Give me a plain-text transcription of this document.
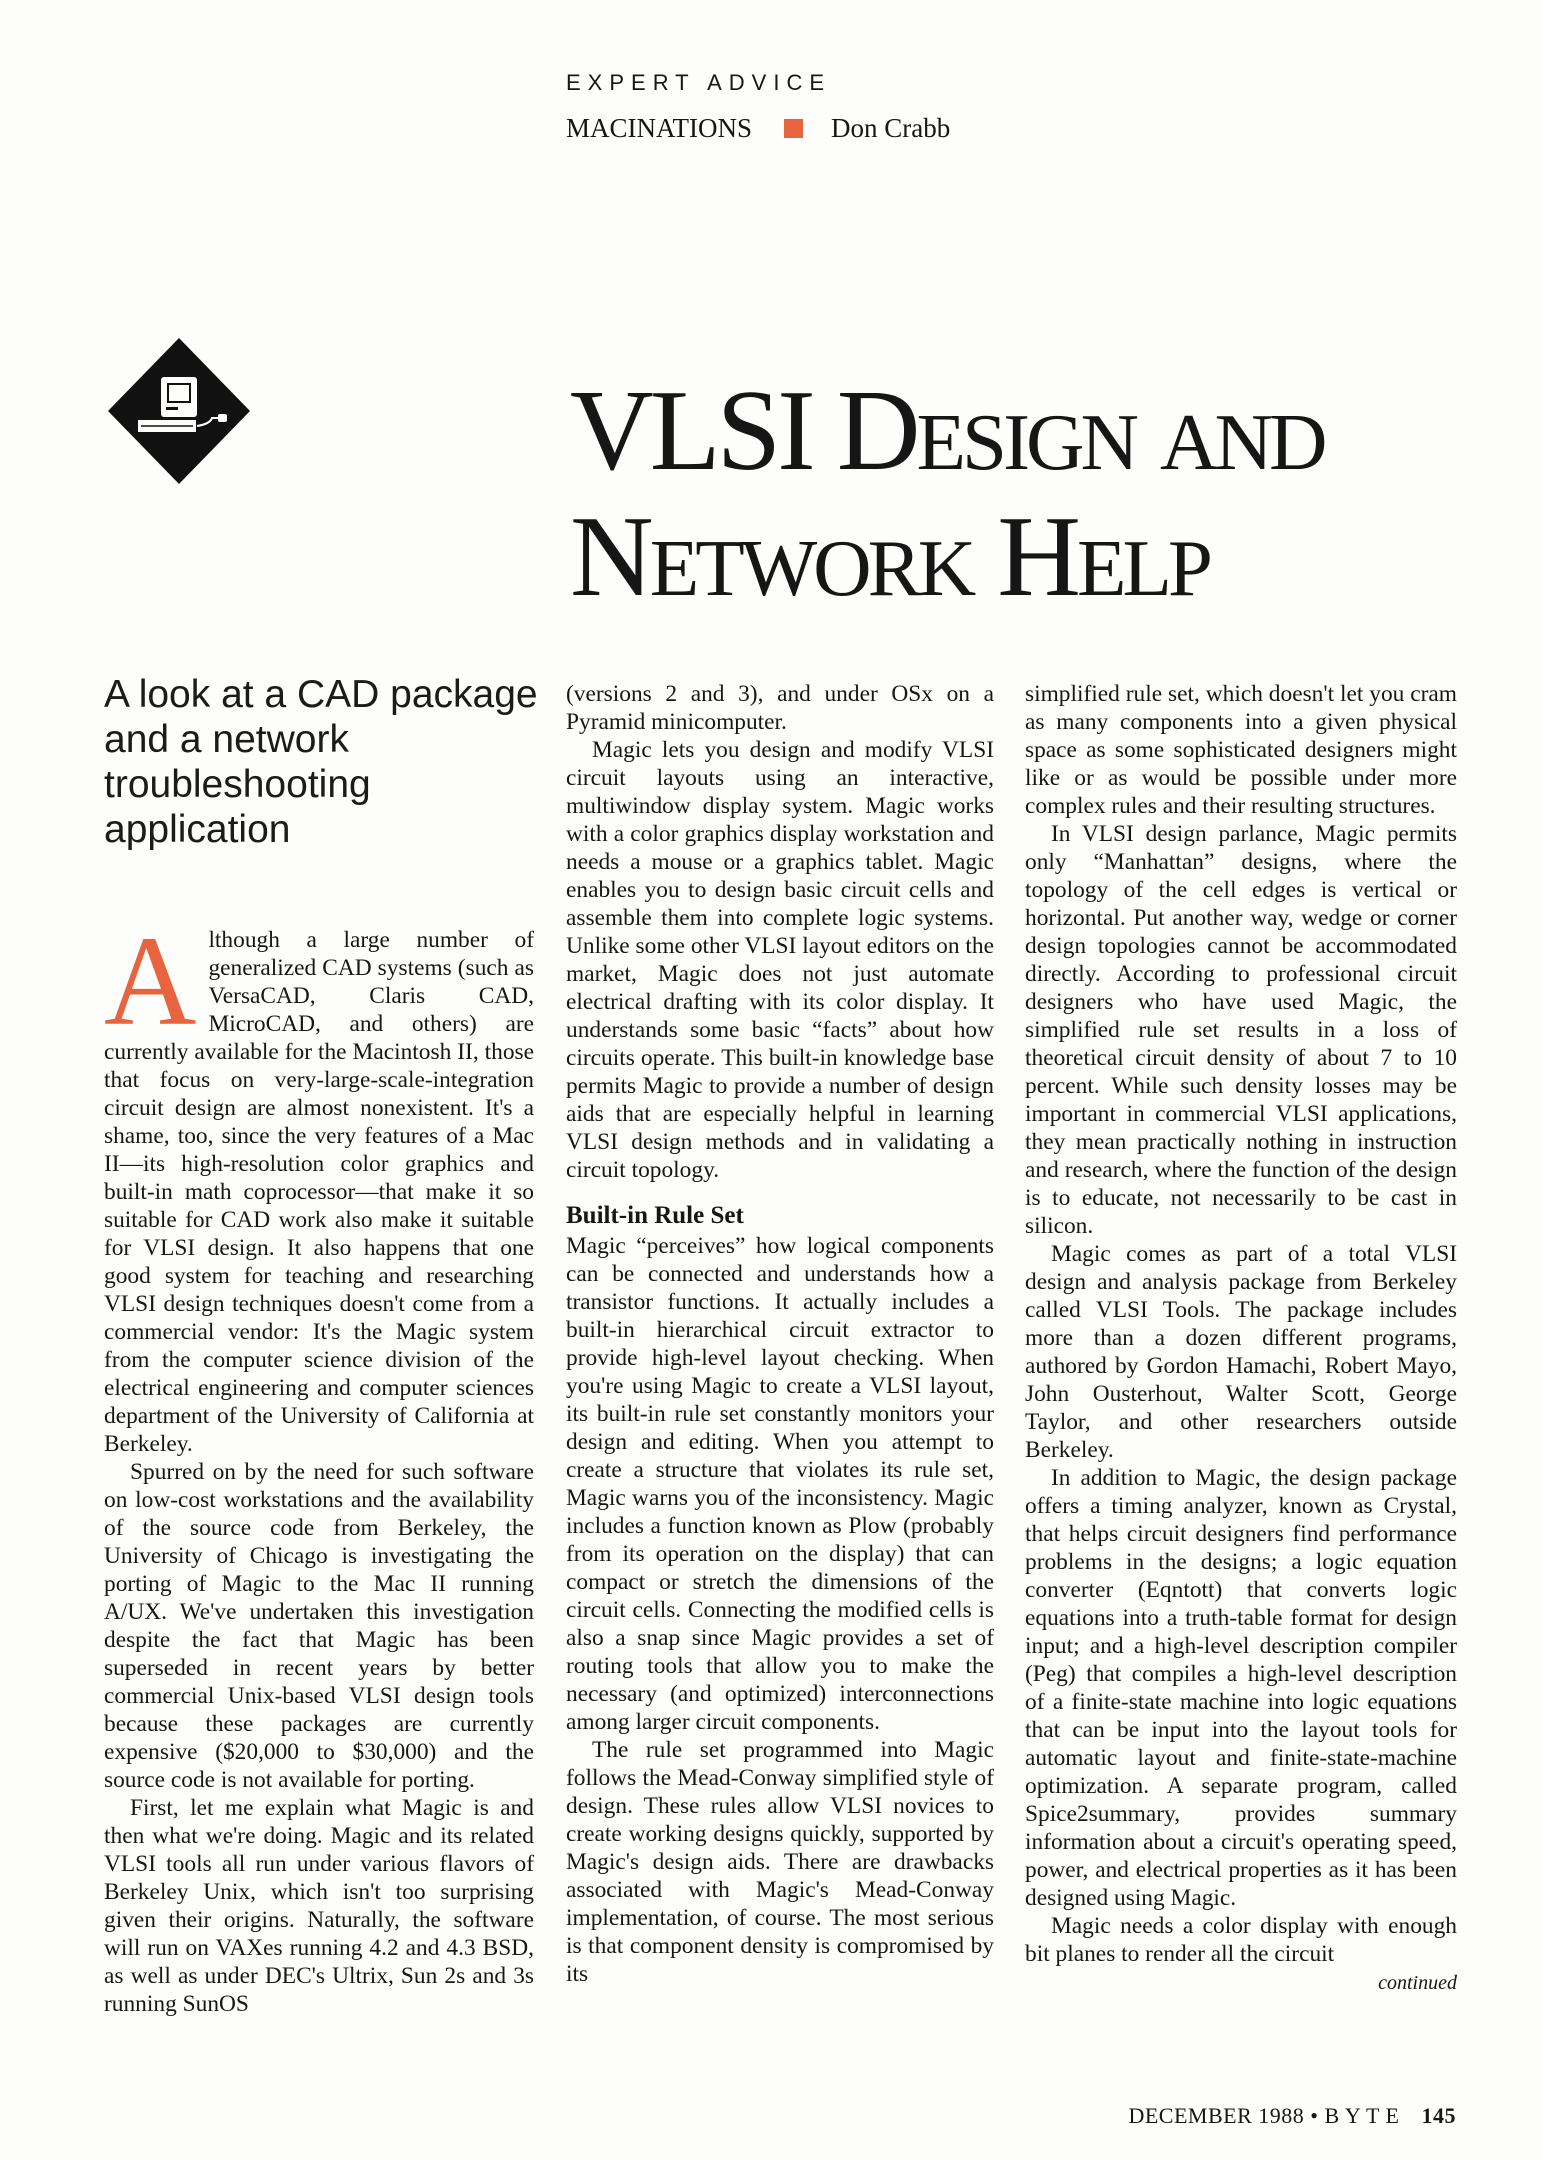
EXPERT ADVICE
MACINATIONS	Don Crabb
VLSI Design and
Network Help
A look at a CAD package and a network troubleshooting application

Although a large number of generalized CAD systems (such as VersaCAD, Claris CAD, MicroCAD, and others) are currently available for the Macintosh II, those that focus on very-large-scale-integration circuit design are almost nonexistent. It's a shame, too, since the very features of a Mac II—its high-resolution color graphics and built-in math coprocessor—that make it so suitable for CAD work also make it suitable for VLSI design. It also happens that one good system for teaching and researching VLSI design techniques doesn't come from a commercial vendor: It's the Magic system from the computer science division of the electrical engineering and computer sciences department of the University of California at Berkeley.

Spurred on by the need for such software on low-cost workstations and the availability of the source code from Berkeley, the University of Chicago is investigating the porting of Magic to the Mac II running A/UX. We've undertaken this investigation despite the fact that Magic has been superseded in recent years by better commercial Unix-based VLSI design tools because these packages are currently expensive ($20,000 to $30,000) and the source code is not available for porting.

First, let me explain what Magic is and then what we're doing. Magic and its related VLSI tools all run under various flavors of Berkeley Unix, which isn't too surprising given their origins. Naturally, the software will run on VAXes running 4.2 and 4.3 BSD, as well as under DEC's Ultrix, Sun 2s and 3s running SunOS

(versions 2 and 3), and under OSx on a Pyramid minicomputer.

Magic lets you design and modify VLSI circuit layouts using an interactive, multiwindow display system. Magic works with a color graphics display workstation and needs a mouse or a graphics tablet. Magic enables you to design basic circuit cells and assemble them into complete logic systems. Unlike some other VLSI layout editors on the market, Magic does not just automate electrical drafting with its color display. It understands some basic “facts” about how circuits operate. This built-in knowledge base permits Magic to provide a number of design aids that are especially helpful in learning VLSI design methods and in validating a circuit topology.

Built-in Rule Set

Magic “perceives” how logical components can be connected and understands how a transistor functions. It actually includes a built-in hierarchical circuit extractor to provide high-level layout checking. When you're using Magic to create a VLSI layout, its built-in rule set constantly monitors your design and editing. When you attempt to create a structure that violates its rule set, Magic warns you of the inconsistency. Magic includes a function known as Plow (probably from its operation on the display) that can compact or stretch the dimensions of the circuit cells. Connecting the modified cells is also a snap since Magic provides a set of routing tools that allow you to make the necessary (and optimized) interconnections among larger circuit components.

The rule set programmed into Magic follows the Mead-Conway simplified style of design. These rules allow VLSI novices to create working designs quickly, supported by Magic's design aids. There are drawbacks associated with Magic's Mead-Conway implementation, of course. The most serious is that component density is compromised by its

simplified rule set, which doesn't let you cram as many components into a given physical space as some sophisticated designers might like or as would be possible under more complex rules and their resulting structures.

In VLSI design parlance, Magic permits only “Manhattan” designs, where the topology of the cell edges is vertical or horizontal. Put another way, wedge or corner design topologies cannot be accommodated directly. According to professional circuit designers who have used Magic, the simplified rule set results in a loss of theoretical circuit density of about 7 to 10 percent. While such density losses may be important in commercial VLSI applications, they mean practically nothing in instruction and research, where the function of the design is to educate, not necessarily to be cast in silicon.

Magic comes as part of a total VLSI design and analysis package from Berkeley called VLSI Tools. The package includes more than a dozen different programs, authored by Gordon Hamachi, Robert Mayo, John Ousterhout, Walter Scott, George Taylor, and other researchers outside Berkeley.

In addition to Magic, the design package offers a timing analyzer, known as Crystal, that helps circuit designers find performance problems in the designs; a logic equation converter (Eqntott) that converts logic equations into a truth-table format for design input; and a high-level description compiler (Peg) that compiles a high-level description of a finite-state machine into logic equations that can be input into the layout tools for automatic layout and finite-state-machine optimization. A separate program, called Spice2summary, provides summary information about a circuit's operating speed, power, and electrical properties as it has been designed using Magic.

Magic needs a color display with enough bit planes to render all the circuit

continued
DECEMBER 1988 • B Y T E 145
